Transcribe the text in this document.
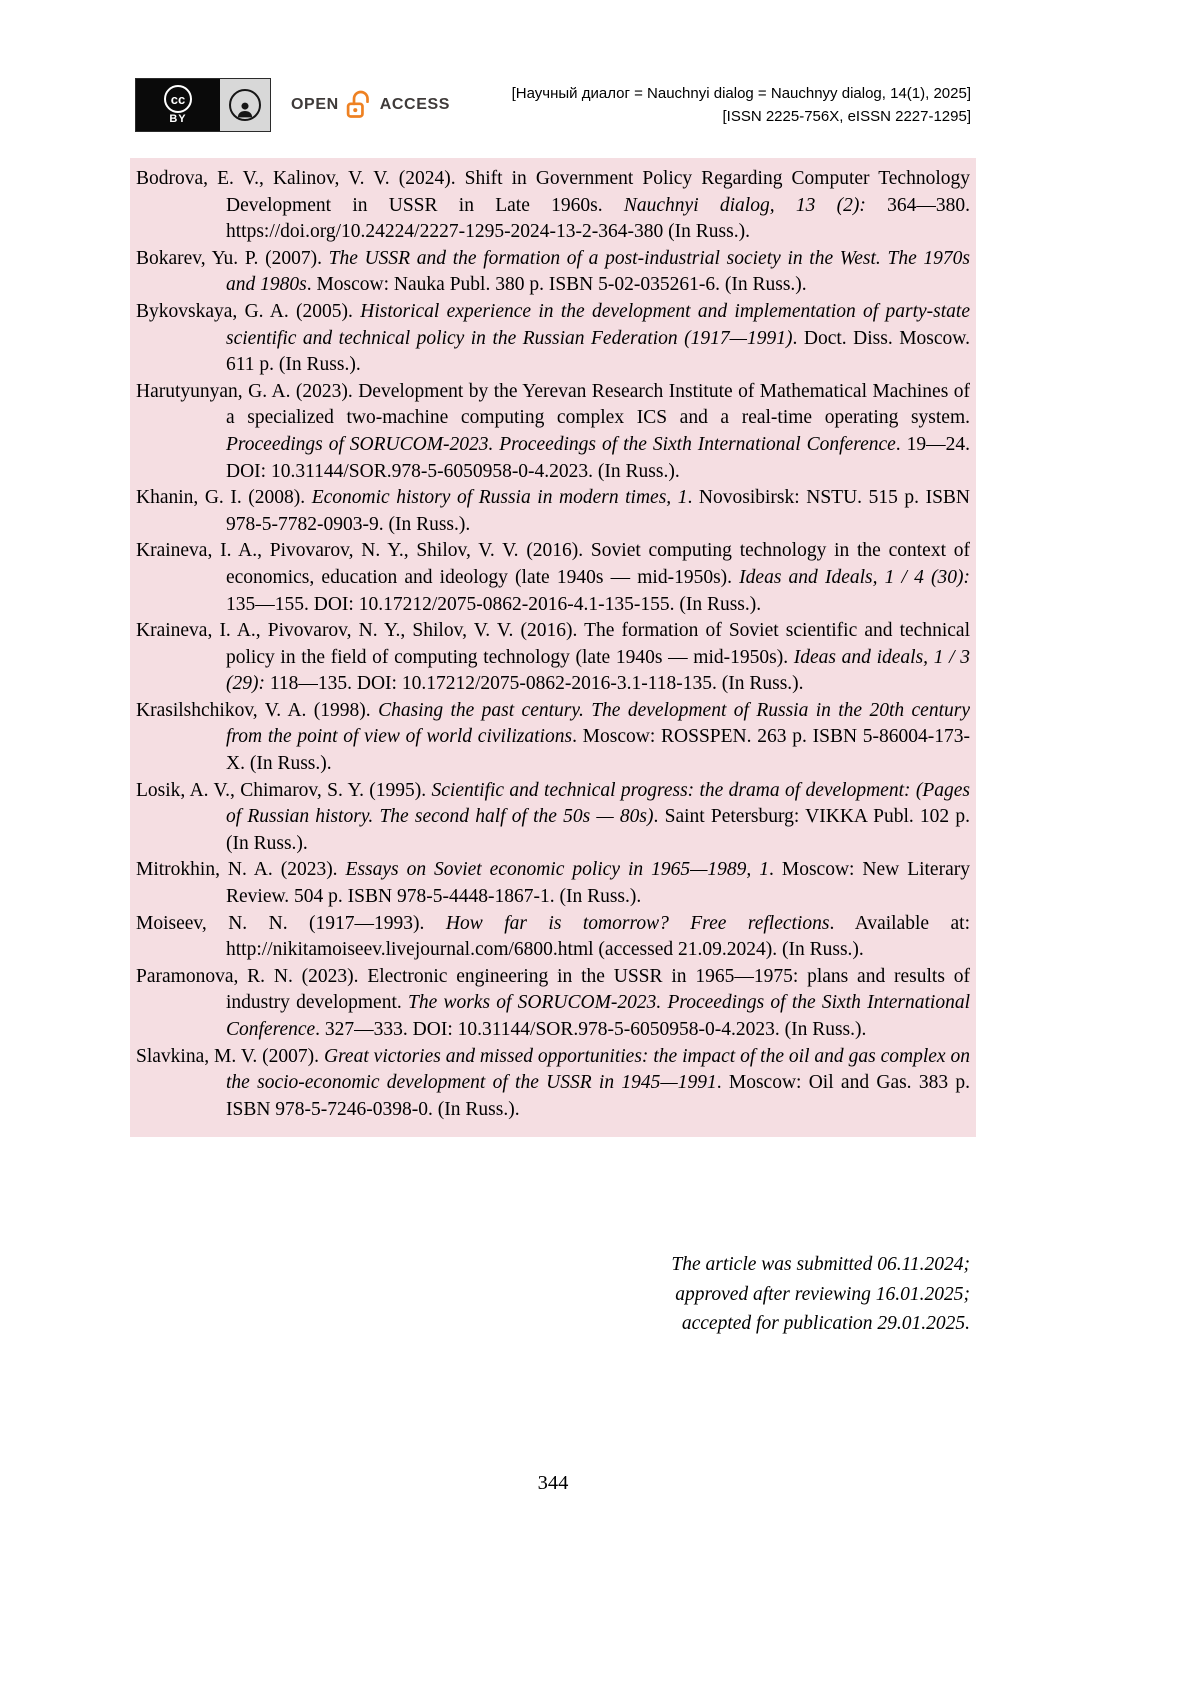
cc
BY
OPEN	ACCESS
[Научный диалог = Nauchnyi dialog = Nauchnyy dialog, 14(1), 2025]
[ISSN 2225-756X, eISSN 2227-1295]

Bodrova, E. V., Kalinov, V. V. (2024). Shift in Government Policy Regarding Computer Technology Development in USSR in Late 1960s. Nauchnyi dialog, 13 (2): 364—380. https://doi.org/10.24224/2227-1295-2024-13-2-364-380 (In Russ.).

Bokarev, Yu. P. (2007). The USSR and the formation of a post-industrial society in the West. The 1970s and 1980s. Moscow: Nauka Publ. 380 p. ISBN 5-02-035261-6. (In Russ.).

Bykovskaya, G. A. (2005). Historical experience in the development and implementation of party-state scientific and technical policy in the Russian Federation (1917—1991). Doct. Diss. Moscow. 611 p. (In Russ.).

Harutyunyan, G. A. (2023). Development by the Yerevan Research Institute of Mathematical Machines of a specialized two-machine computing complex ICS and a real-time operating system. Proceedings of SORUCOM-2023. Proceedings of the Sixth International Conference. 19—24. DOI: 10.31144/SOR.978-5-6050958-0-4.2023. (In Russ.).

Khanin, G. I. (2008). Economic history of Russia in modern times, 1. Novosibirsk: NSTU. 515 p. ISBN 978-5-7782-0903-9. (In Russ.).

Kraineva, I. A., Pivovarov, N. Y., Shilov, V. V. (2016). Soviet computing technology in the context of economics, education and ideology (late 1940s — mid-1950s). Ideas and Ideals, 1 / 4 (30): 135—155. DOI: 10.17212/2075-0862-2016-4.1-135-155. (In Russ.).

Kraineva, I. A., Pivovarov, N. Y., Shilov, V. V. (2016). The formation of Soviet scientific and technical policy in the field of computing technology (late 1940s — mid-1950s). Ideas and ideals, 1 / 3 (29): 118—135. DOI: 10.17212/2075-0862-2016-3.1-118-135. (In Russ.).

Krasilshchikov, V. A. (1998). Chasing the past century. The development of Russia in the 20th century from the point of view of world civilizations. Moscow: ROSSPEN. 263 p. ISBN 5-86004-173-X. (In Russ.).

Losik, A. V., Chimarov, S. Y. (1995). Scientific and technical progress: the drama of development: (Pages of Russian history. The second half of the 50s — 80s). Saint Petersburg: VIKKA Publ. 102 p. (In Russ.).

Mitrokhin, N. A. (2023). Essays on Soviet economic policy in 1965—1989, 1. Moscow: New Literary Review. 504 p. ISBN 978-5-4448-1867-1. (In Russ.).

Moiseev, N. N. (1917—1993). How far is tomorrow? Free reflections. Available at: http://nikitamoiseev.livejournal.com/6800.html (accessed 21.09.2024). (In Russ.).

Paramonova, R. N. (2023). Electronic engineering in the USSR in 1965—1975: plans and results of industry development. The works of SORUCOM-2023. Proceedings of the Sixth International Conference. 327—333. DOI: 10.31144/SOR.978-5-6050958-0-4.2023. (In Russ.).

Slavkina, M. V. (2007). Great victories and missed opportunities: the impact of the oil and gas complex on the socio-economic development of the USSR in 1945—1991. Moscow: Oil and Gas. 383 p. ISBN 978-5-7246-0398-0. (In Russ.).

The article was submitted 06.11.2024;
approved after reviewing 16.01.2025;
accepted for publication 29.01.2025.
344
